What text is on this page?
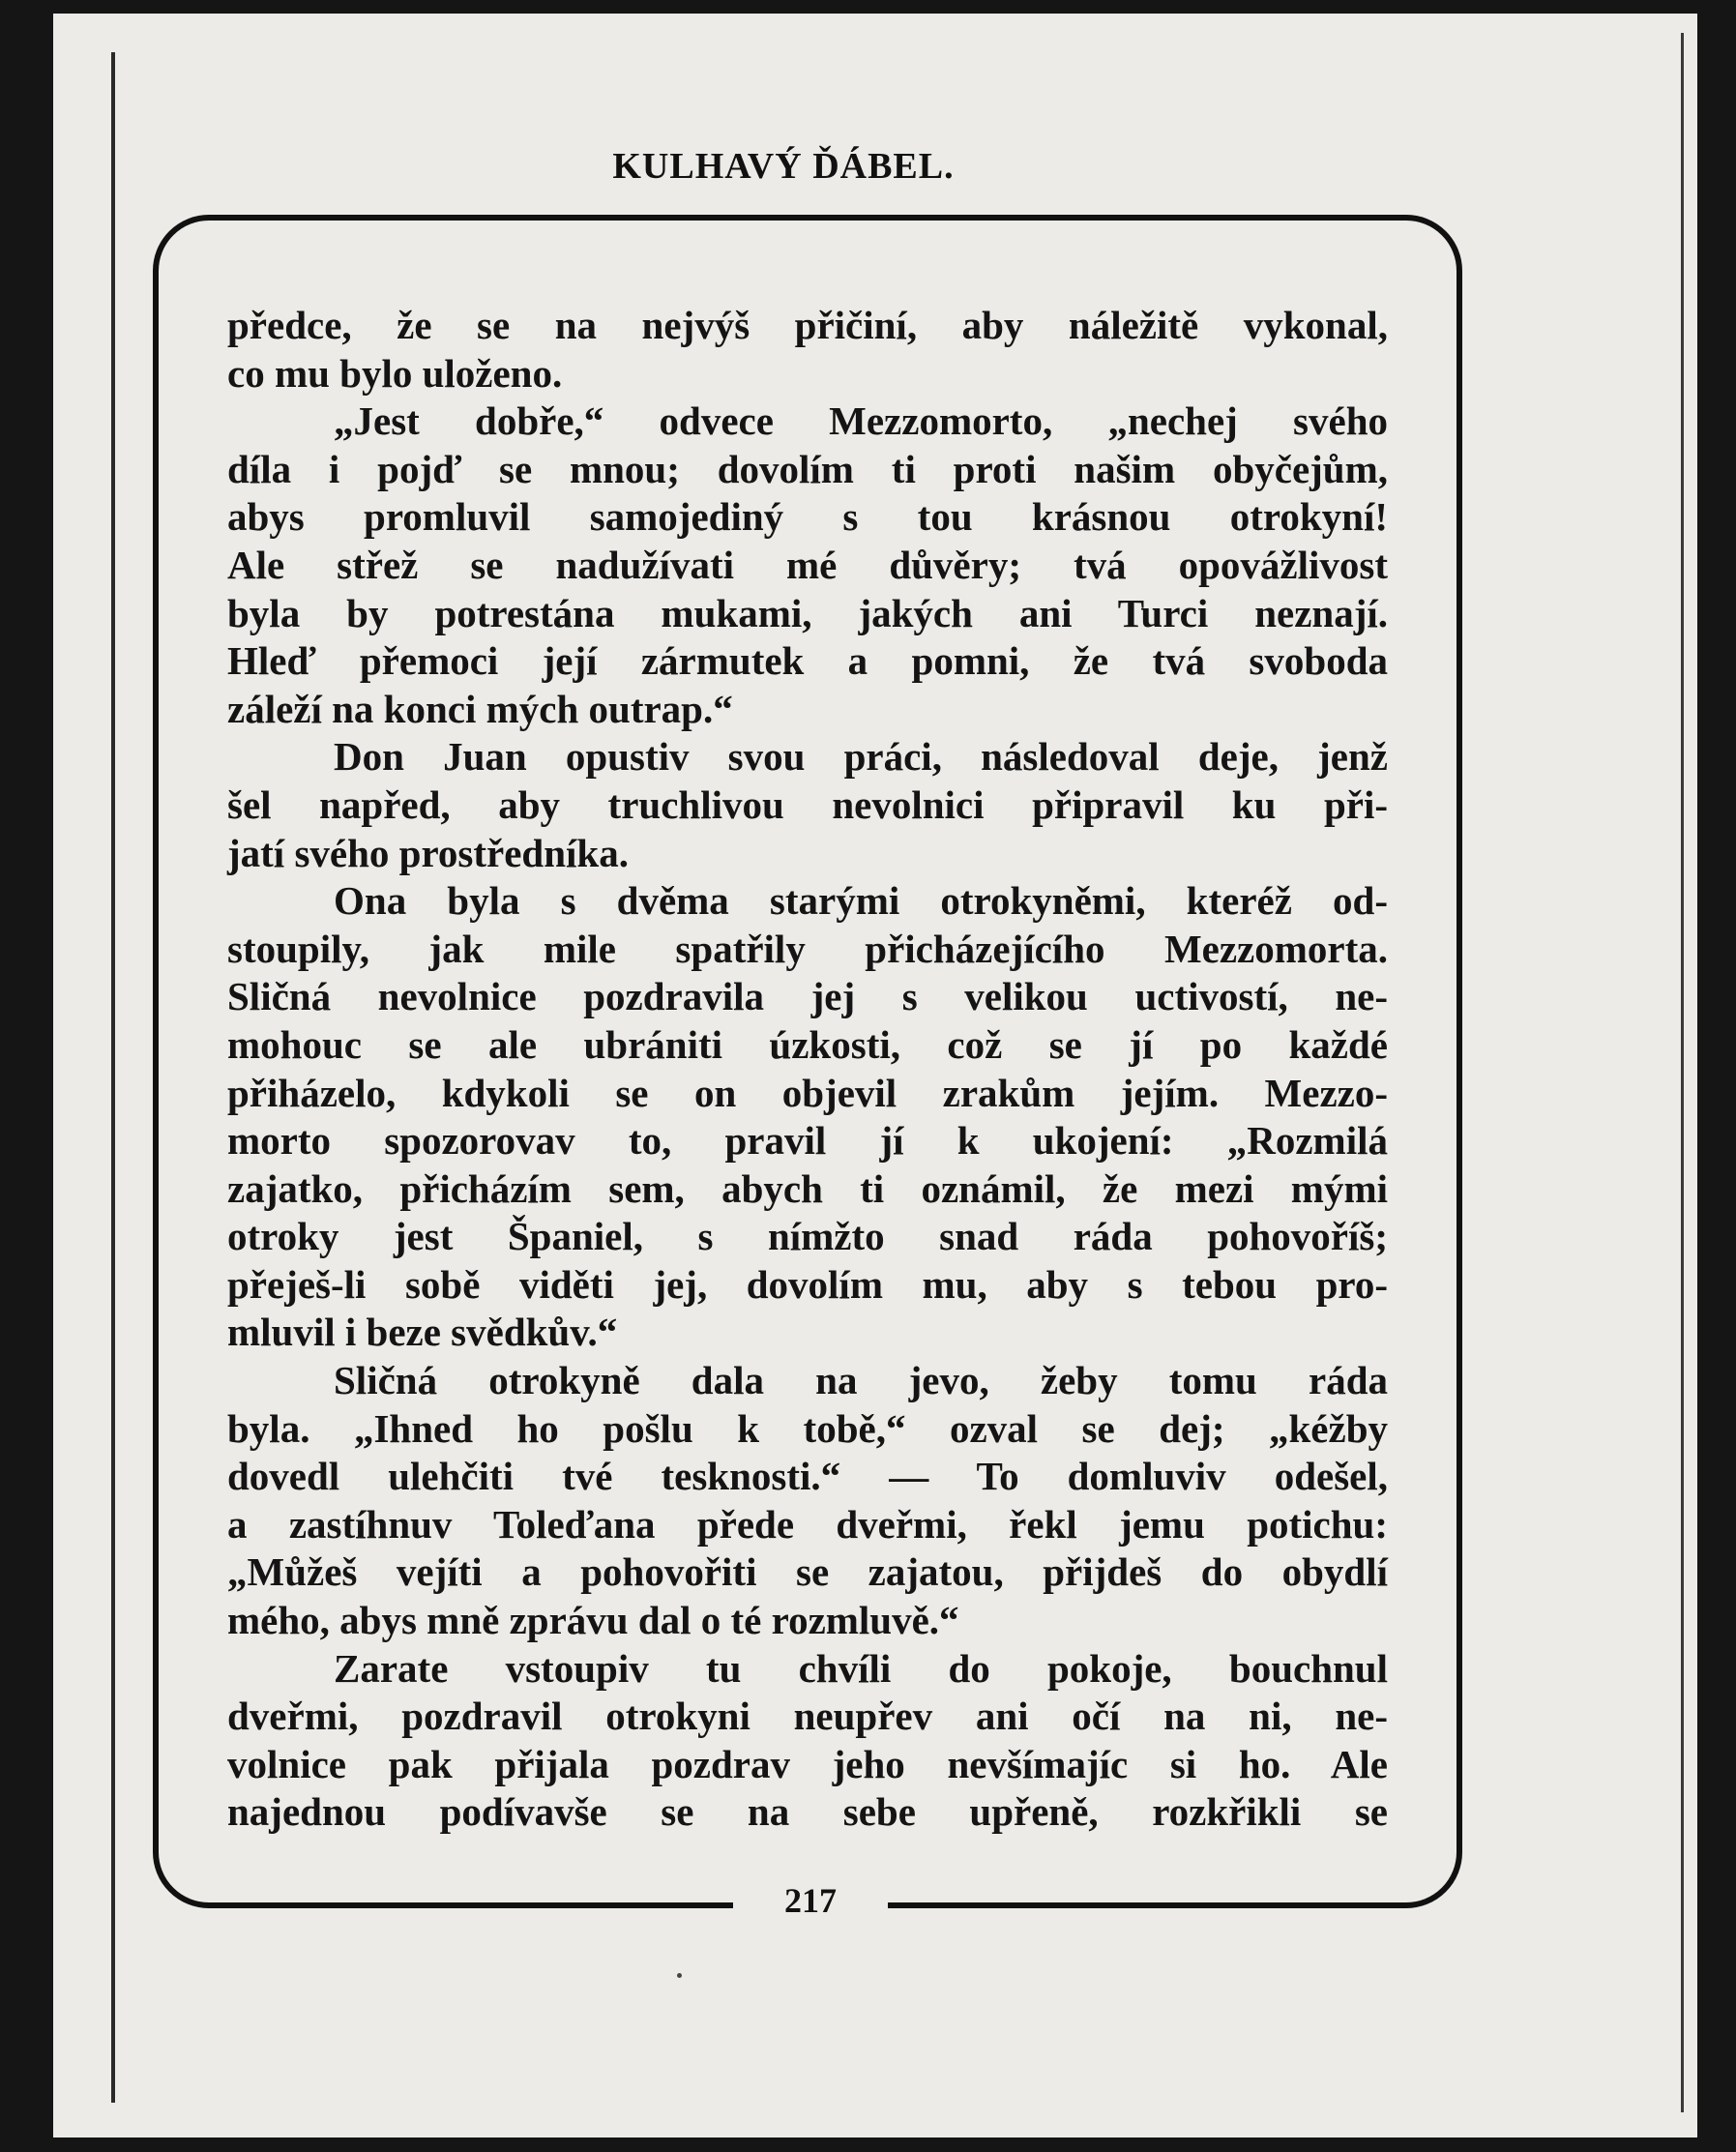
KULHAVÝ ĎÁBEL.

předce, že se na nejvýš přičiní, aby náležitě vykonal,

co mu bylo uloženo.

„Jest dobře,“ odvece Mezzomorto, „nechej svého

díla i pojď se mnou; dovolím ti proti našim obyčejům,

abys promluvil samojediný s tou krásnou otrokyní!

Ale střež se nadužívati mé důvěry; tvá opovážlivost

byla by potrestána mukami, jakých ani Turci neznají.

Hleď přemoci její zármutek a pomni, že tvá svoboda

záleží na konci mých outrap.“

Don Juan opustiv svou práci, následoval deje, jenž

šel napřed, aby truchlivou nevolnici připravil ku při-

jatí svého prostředníka.

Ona byla s dvěma starými otrokyněmi, kteréž od-

stoupily, jak mile spatřily přicházejícího Mezzomorta.

Sličná nevolnice pozdravila jej s velikou uctivostí, ne-

mohouc se ale ubrániti úzkosti, což se jí po každé

přiházelo, kdykoli se on objevil zrakům jejím. Mezzo-

morto spozorovav to, pravil jí k ukojení: „Rozmilá

zajatko, přicházím sem, abych ti oznámil, že mezi mými

otroky jest Španiel, s nímžto snad ráda pohovoříš;

přeješ-li sobě viděti jej, dovolím mu, aby s tebou pro-

mluvil i beze svědkův.“

Sličná otrokyně dala na jevo, žeby tomu ráda

byla. „Ihned ho pošlu k tobě,“ ozval se dej; „kéžby

dovedl ulehčiti tvé tesknosti.“ — To domluviv odešel,

a zastíhnuv Toleďana přede dveřmi, řekl jemu potichu:

„Můžeš vejíti a pohovořiti se zajatou, přijdeš do obydlí

mého, abys mně zprávu dal o té rozmluvě.“

Zarate vstoupiv tu chvíli do pokoje, bouchnul

dveřmi, pozdravil otrokyni neupřev ani očí na ni, ne-

volnice pak přijala pozdrav jeho nevšímajíc si ho. Ale

najednou podívavše se na sebe upřeně, rozkřikli se

217
